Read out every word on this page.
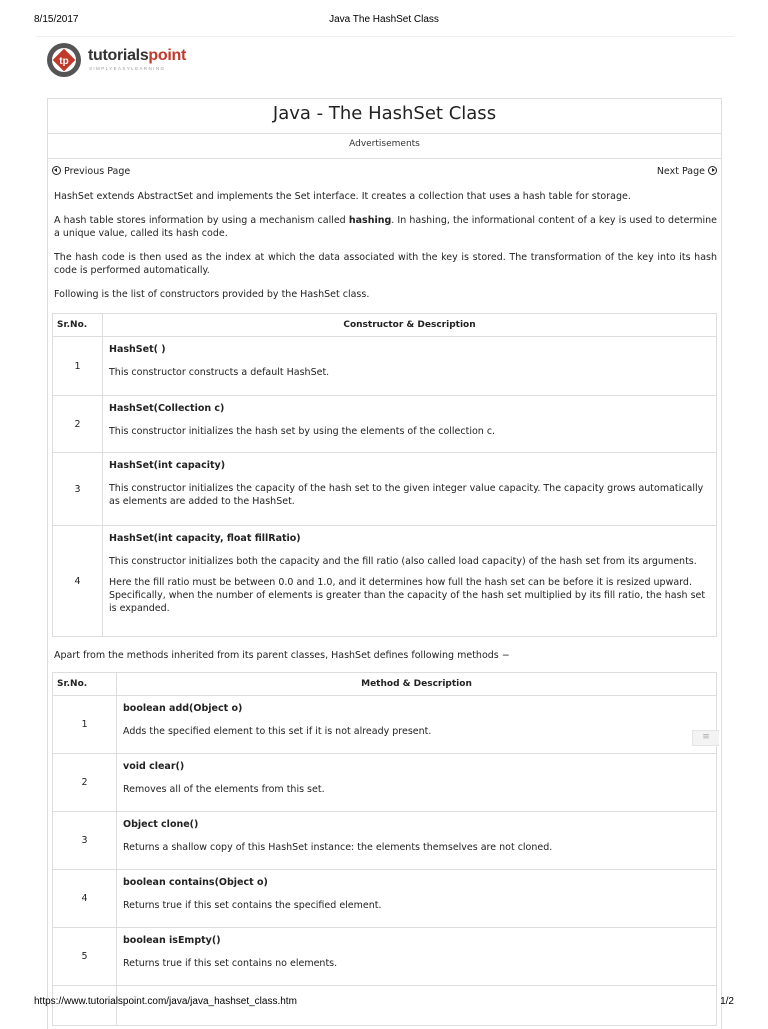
8/15/2017	Java The HashSet Class
tp tutorialspoint
SIMPLYEASYLEARNING
Java - The HashSet Class
Advertisements
Previous Page	Next Page

HashSet extends AbstractSet and implements the Set interface. It creates a collection that uses a hash table for storage.

A hash table stores information by using a mechanism called hashing. In hashing, the informational content of a key is used to determine a unique value, called its hash code.

The hash code is then used as the index at which the data associated with the key is stored. The transformation of the key into its hash code is performed automatically.

Following is the list of constructors provided by the HashSet class.

Sr.No.	Constructor & Description
1	HashSet( )
This constructor constructs a default HashSet.

2	HashSet(Collection c)
This constructor initializes the hash set by using the elements of the collection c.

3	HashSet(int capacity)
This constructor initializes the capacity of the hash set to the given integer value capacity. The capacity grows automatically as elements are added to the HashSet.

4	HashSet(int capacity, float fillRatio)
This constructor initializes both the capacity and the fill ratio (also called load capacity) of the hash set from its arguments.
Here the fill ratio must be between 0.0 and 1.0, and it determines how full the hash set can be before it is resized upward. Specifically, when the number of elements is greater than the capacity of the hash set multiplied by its fill ratio, the hash set is expanded.

Apart from the methods inherited from its parent classes, HashSet defines following methods −

Sr.No.	Method & Description
1	boolean add(Object o)
Adds the specified element to this set if it is not already present.

2	void clear()
Removes all of the elements from this set.

3	Object clone()
Returns a shallow copy of this HashSet instance: the elements themselves are not cloned.

4	boolean contains(Object o)
Returns true if this set contains the specified element.

5	boolean isEmpty()
Returns true if this set contains no elements.

≡
https://www.tutorialspoint.com/java/java_hashset_class.htm	1/2
